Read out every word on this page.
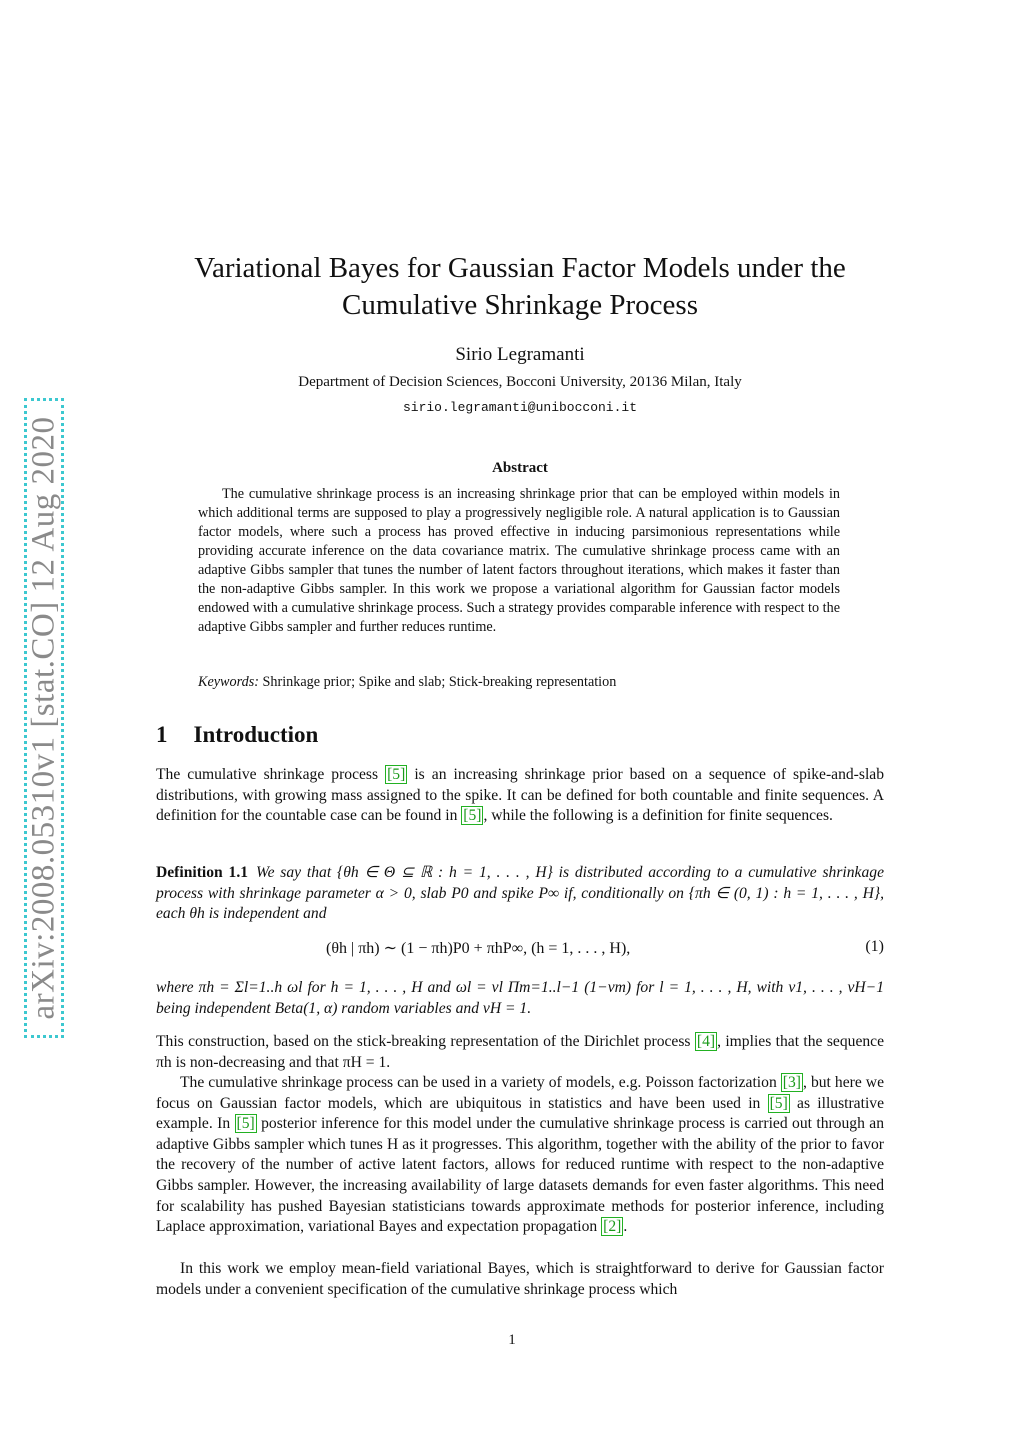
arXiv:2008.05310v1 [stat.CO] 12 Aug 2020
Variational Bayes for Gaussian Factor Models under the
Cumulative Shrinkage Process
Sirio Legramanti
Department of Decision Sciences, Bocconi University, 20136 Milan, Italy
sirio.legramanti@unibocconi.it
Abstract

The cumulative shrinkage process is an increasing shrinkage prior that can be employed within models in which additional terms are supposed to play a progressively negligible role. A natural application is to Gaussian factor models, where such a process has proved effective in inducing parsimonious representations while providing accurate inference on the data covariance matrix. The cumulative shrinkage process came with an adaptive Gibbs sampler that tunes the number of latent factors throughout iterations, which makes it faster than the non-adaptive Gibbs sampler. In this work we propose a variational algorithm for Gaussian factor models endowed with a cumulative shrinkage process. Such a strategy provides comparable inference with respect to the adaptive Gibbs sampler and further reduces runtime.

Keywords: Shrinkage prior; Spike and slab; Stick-breaking representation
1 Introduction

The cumulative shrinkage process [5] is an increasing shrinkage prior based on a sequence of spike-and-slab distributions, with growing mass assigned to the spike. It can be defined for both countable and finite sequences. A definition for the countable case can be found in [5] , while the following is a definition for finite sequences.

Definition 1.1 We say that {θh ∈ Θ ⊆ ℝ : h = 1, . . . , H} is distributed according to a cumulative shrinkage process with shrinkage parameter α > 0, slab P0 and spike P∞ if, conditionally on {πh ∈ (0, 1) : h = 1, . . . , H}, each θh is independent and

(θh | πh) ∼ (1 − πh)P0 + πhP∞, (h = 1, . . . , H),	(1)

where πh = Σl=1..h ωl for h = 1, . . . , H and ωl = vl Πm=1..l−1 (1−vm) for l = 1, . . . , H, with v1, . . . , vH−1 being independent Beta(1, α) random variables and vH = 1.

This construction, based on the stick-breaking representation of the Dirichlet process [4] , implies that the sequence πh is non-decreasing and that πH = 1.

The cumulative shrinkage process can be used in a variety of models, e.g. Poisson factorization [3] , but here we focus on Gaussian factor models, which are ubiquitous in statistics and have been used in [5] as illustrative example. In [5] posterior inference for this model under the cumulative shrinkage process is carried out through an adaptive Gibbs sampler which tunes H as it progresses. This algorithm, together with the ability of the prior to favor the recovery of the number of active latent factors, allows for reduced runtime with respect to the non-adaptive Gibbs sampler. However, the increasing availability of large datasets demands for even faster algorithms. This need for scalability has pushed Bayesian statisticians towards approximate methods for posterior inference, including Laplace approximation, variational Bayes and expectation propagation [2] .

In this work we employ mean-field variational Bayes, which is straightforward to derive for Gaussian factor models under a convenient specification of the cumulative shrinkage process which

1
